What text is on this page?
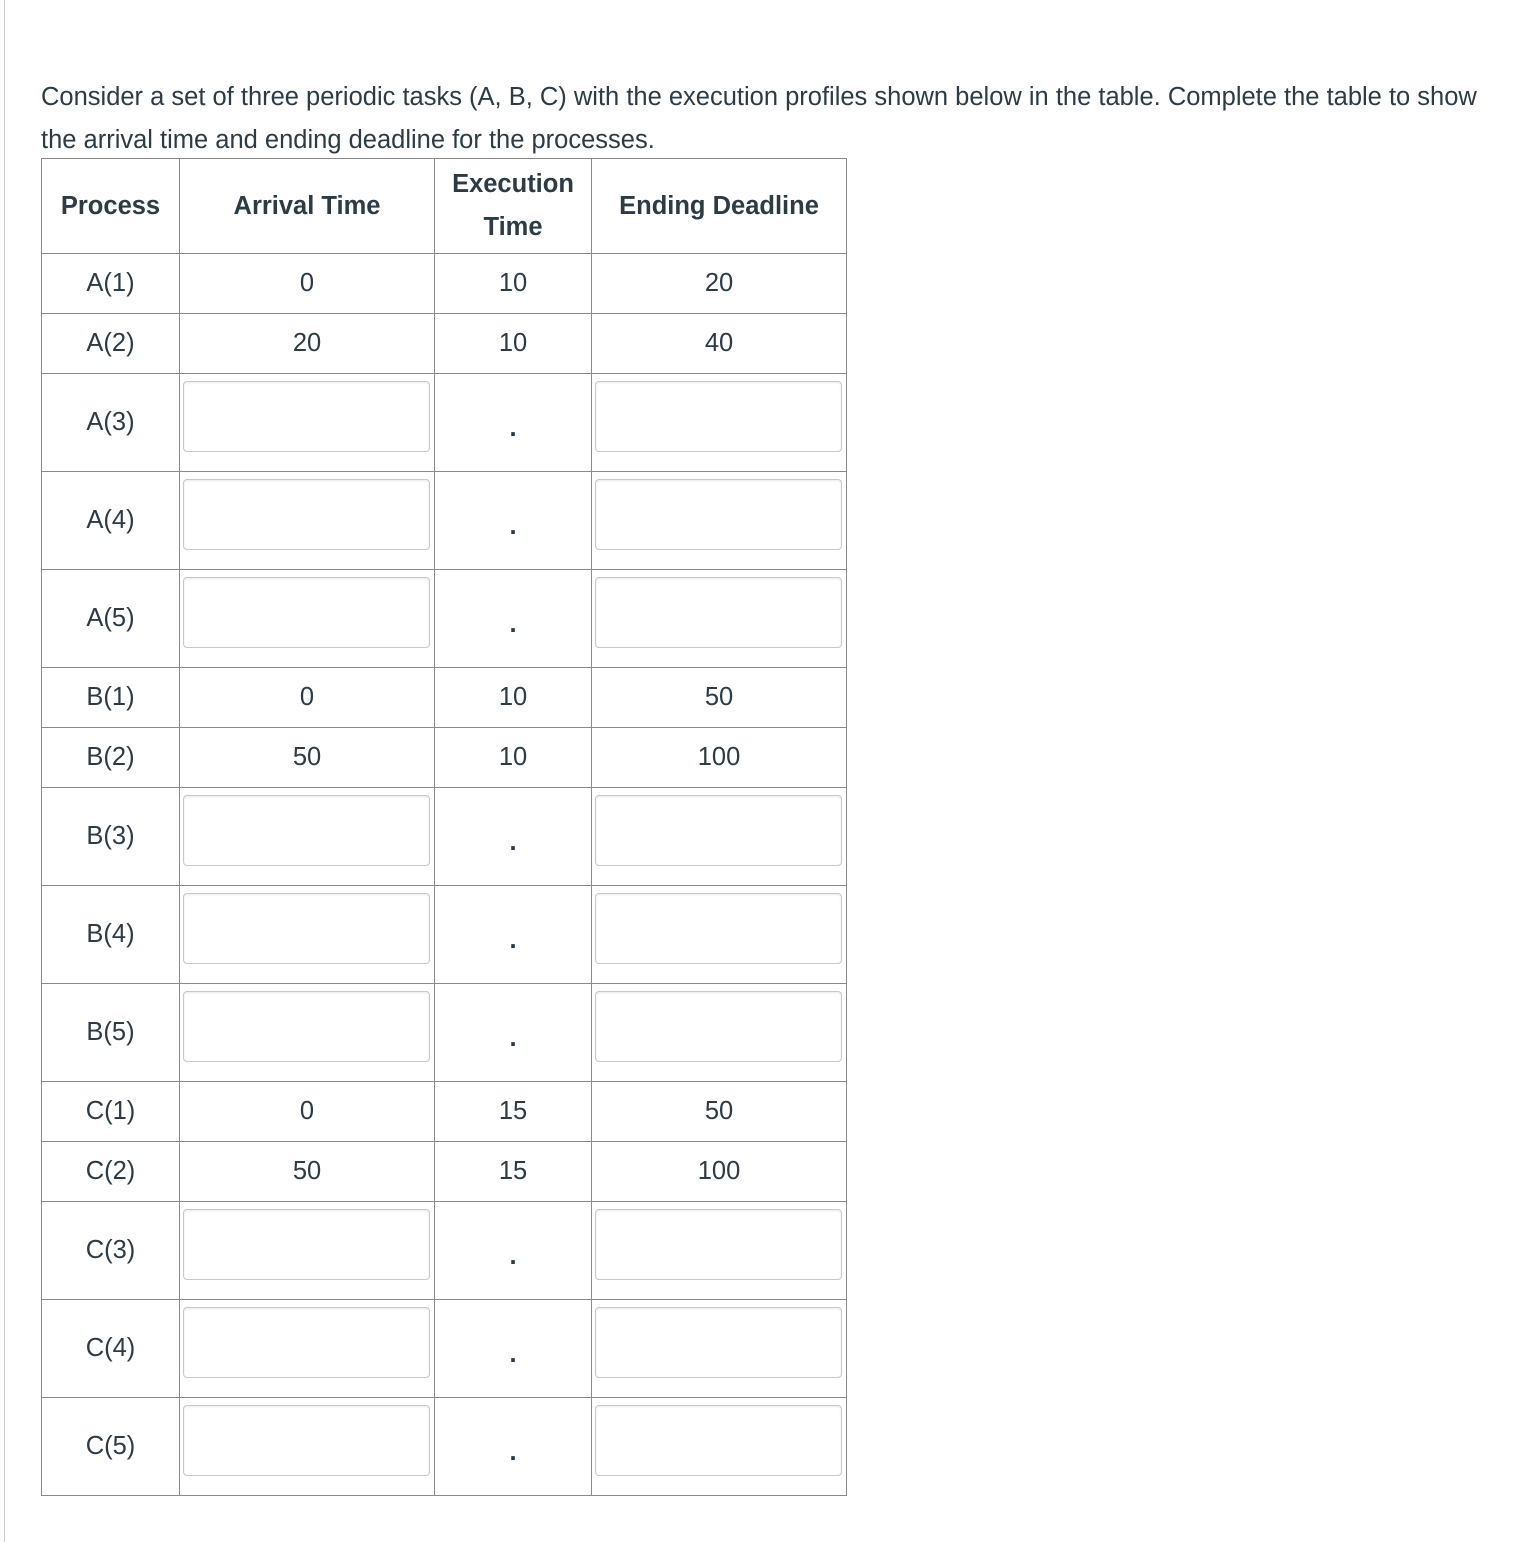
Consider a set of three periodic tasks (A, B, C) with the execution profiles shown below in the table. Complete the table to show the arrival time and ending deadline for the processes.

Process	Arrival Time	Execution Time	Ending Deadline
A(1)	0	10	20
A(2)	20	10	40
A(3)		.	

A(4)		.	

A(5)		.	

B(1)	0	10	50
B(2)	50	10	100
B(3)		.	

B(4)		.	

B(5)		.	

C(1)	0	15	50
C(2)	50	15	100
C(3)		.	

C(4)		.	

C(5)		.	
